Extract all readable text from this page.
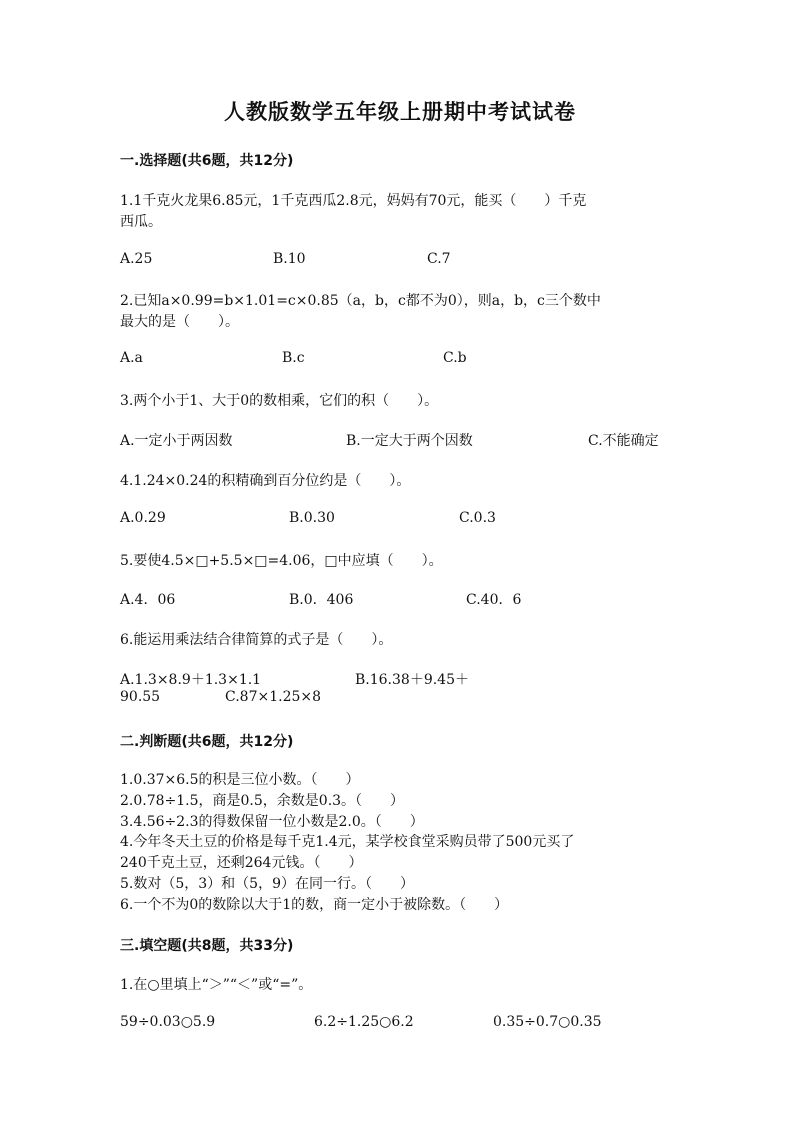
人教版数学五年级上册期中考试试卷
一.选择题(共6题，共12分)
1.1千克火龙果6.85元，1千克西瓜2.8元，妈妈有70元，能买（　　）千克
西瓜。
A.25	B.10	C.7
2.已知a×0.99=b×1.01=c×0.85（a，b，c都不为0），则a，b，c三个数中
最大的是（　　）。
A.a	B.c	C.b
3.两个小于1、大于0的数相乘，它们的积（　　）。
A.一定小于两因数	B.一定大于两个因数	C.不能确定
4.1.24×0.24的积精确到百分位约是（　　）。
A.0.29	B.0.30	C.0.3
5.要使4.5×□+5.5×□=4.06，□中应填（　　）。
A.4．06	B.0．406	C.40．6
6.能运用乘法结合律简算的式子是（　　）。
A.1.3×8.9＋1.3×1.1	B.16.38＋9.45＋
90.55	C.87×1.25×8
二.判断题(共6题，共12分)
1.0.37×6.5的积是三位小数。（　　）
2.0.78÷1.5，商是0.5，余数是0.3。（　　）
3.4.56÷2.3的得数保留一位小数是2.0。（　　）
4.今年冬天土豆的价格是每千克1.4元，某学校食堂采购员带了500元买了
240千克土豆，还剩264元钱。（　　）
5.数对（5，3）和（5，9）在同一行。（　　）
6.一个不为0的数除以大于1的数，商一定小于被除数。（　　）
三.填空题(共8题，共33分)
1.在○里填上“＞”“＜”或“=”。
59÷0.03○5.9	6.2÷1.25○6.2	0.35÷0.7○0.35
